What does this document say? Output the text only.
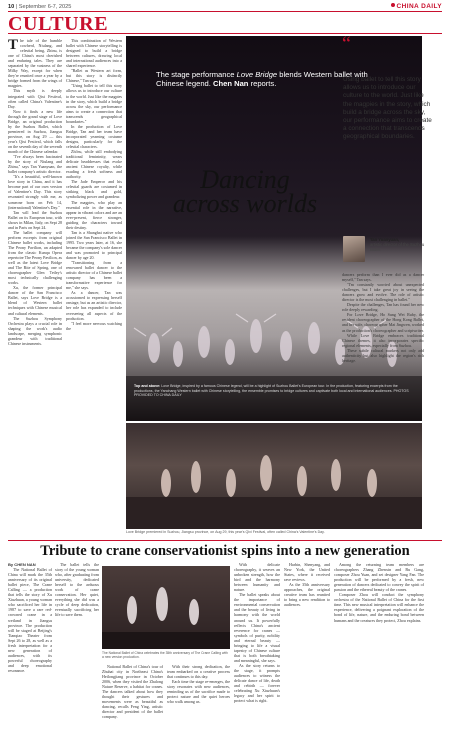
10 | September 6-7, 2025	CHINA DAILY
CULTURE
T he tale of the humble cowherd, Niulang, and celestial being, Zhinu, is one of China's most cherished and enduring tales. They are separated by the vastness of the Milky Way, except for when they're reunited once a year by a bridge formed from the wings of magpies.

This myth is deeply integrated with Qixi Festival, often called China's Valentine's Day.

Now it finds a new life through the grand stage of Love Bridge, an original production by the Suzhou Ballet, which premiered in Suzhou, Jiangsu province, on Aug 29 — this year's Qixi Festival, which falls on the seventh day of the seventh month of the Chinese calendar.

"I've always been fascinated by the story of Niulang and Zhinu," says Tan Yuanyuan, the ballet company's artistic director.

"It's a beautiful, well-known love story in China, and it has become part of our own version of Valentine's Day. This story resonated strongly with me, as someone born on Feb 14, (international) Valentine's Day."

Tan will lead the Suzhou Ballet on its European tour, with shows in Milan, Italy, on Sept 28 and in Paris on Sept 24.

The ballet company will perform excerpts from original Chinese ballet works, including The Peony Pavilion, an adapted from the classic Kunqu Opera repertoire The Peony Pavilion, as well as the latest Love Bridge and The Rite of Spring, one of choreographer Glen Tetley's most technically challenging works.

Xu, the former principal dancer of the San Francisco Ballet, says Love Bridge is a blend of Western ballet techniques with Chinese musical and cultural elements.

The Suzhou Symphony Orchestra plays a crucial role in shaping the work's audio landscape, merging symphonic grandeur with traditional Chinese instruments.

This combination of Western ballet with Chinese storytelling is designed to build a bridge between cultures, drawing local and international audiences into a shared experience.

"Ballet as Western art form, but this story is distinctly Chinese," Tan says.

"Using ballet to tell this story allows us to introduce our culture to the world. Just like the magpies in the story, which build a bridge across the sky, our performance aims to create a connection that transcends geographical boundaries."

In the production of Love Bridge, Tan and her team have incorporated yearning costume designs, particularly for the celestial characters.

Zhi'nu, while still embodying traditional femininity, wears delicate headdresses that evoke ancient Chinese royalty, while exuding a fresh softness and authority.

The Jade Emperor and his celestial guards are costumed in striking black and gold, symbolizing power and grandeur.

The magpies, who play an essential role in the narrative, appear in vibrant colors and are an ever-present, fierce stronger, guiding the characters toward their destiny.

Tan is a Shanghai native who joined the San Francisco Ballet in 1995. Two years later, at 16, she became the company's sole dancer and was promoted to principal dancer by age 20.

"Transitioning from a renowned ballet dancer to the artistic director of a Chinese ballet company has been a transformative experience for me," she says.

As a dancer, Tan was accustomed to expressing herself onstage, but as an artistic director, her role has expanded to include overseeing all aspects of the production.

"I feel more nervous watching the

The stage performance Love Bridge blends Western ballet with Chinese legend. Chen Nan reports.
Dancing
across worlds
Top and above: Love Bridge, inspired by a famous Chinese legend, will be a highlight of Suzhou Ballet's European tour. In the production, featuring excerpts from the productions, the Yanchang Western ballet with Chinese storytelling, the ensemble promises to bridge cultures and captivate both local and international audiences. PHOTOS PROVIDED TO CHINA DAILY
“
Using ballet to tell this story allows us to introduce our culture to the world. Just like the magpies in the story, which build a bridge across the sky, our performance aims to create a connection that transcends geographical boundaries.
Tan Yuanyuan,
artistic director of the Suzhou Ballet

dancers perform than I ever did as a dancer myself," Tan says.

"I'm constantly worried about unexpected challenges, but I take great joy in seeing the dancers grow and evolve. The role of artistic director is the most challenging in ballet."

Despite the challenges, Tan has found her new role deeply rewarding.

For Love Bridge, Ho Sung Wei Ruby, the resident choreographer of the Hong Kong Ballet, and her wife, choreographer Mai Jingwen, worked as the production's choreographer and scriptwriter.

While Love Bridge embraces traditional Chinese themes, it also incorporates specific regional elements, especially from Suzhou.

These subtle cultural markers not only add authenticity but also highlight the region's rich heritage.

Love Bridge premiered in Suzhou, Jiangsu province, on Aug 29, this year's Qixi Festival, often called China's Valentine's Day.
Tribute to crane conservationist spins into a new generation

By CHEN NAN

The National Ballet of China will mark the 35th anniversary of its original ballet piece, The Crane Calling — a production that tells the story of Xu Xiuzhuan, a young woman who sacrificed her life in 1987 to save a rare red-crowned crane in a wetland in Jiangsu province. The production will be staged at Beijing's Tianqiao Theater from Sept 26 to 28, as well as a fresh interpretation for a new generation of audiences, with its powerful choreography and deep emotional resonance.

The ballet tells the story of the young woman who, after graduating from university, dedicated herself to the arduous work of crane conservation. Her quiet, everything she did was a cycle of deep dedication, eventually sacrificing her life to save them.

The National Ballet of China celebrates the 35th anniversary of The Crane Calling with a new version production.

National Ballet of China's tour of Zhuhai city in Northeast China's Heilongjiang province in October 2006, when they visited the Zhalong Nature Reserve, a habitat for cranes. The dancers talked about how they thought their gestures and movements were as beautiful as dancing, recalls Feng Ying, artistic director and president of the ballet company.

With their strong dedication, the team embarked on a creative process that continues to this day.

Each time the stage re-emerges, the story resonates with new audiences, reminding us of the sacrifice made to protect nature and the quiet heroes who walk among us.

With delicate choreography, it weaves an unbroken strength, how the bird and the harmony between humanity and nature.

The ballet speaks about the importance of environmental conservation and the beauty of living in harmony with the world around us. It powerfully reflects China's ancient reverence for cranes — symbols of purity, nobility and eternal beauty — bringing to life a visual tapestry of Chinese culture that is both breathtaking and meaningful, she says.

As the story returns to the stage, it prompts audiences to witness the delicate dance of life, death and rebirth — forever celebrating Xu Xiuzhuan's legacy and her spirit to protect what is right.

Harbin, Shenyang, and New York, the United States, where it received rave reviews.

As the 35th anniversary approaches, the original creative team has reunited to bring a new rendition to audiences.

Among the returning team members are choreographers Zhang Zhenxin and Bu Gang, composer Zhou Yuan, and set designer Yang Fan. The production will be performed by a fresh, new generation of dancers dedicated to convey the spirit of passion and the ethereal beauty of the cranes.

Composer Zhou will conduct the symphony orchestra of the National Ballet of China for the first time. This new musical interpretation will enhance the experience, delivering a poignant exploration of the bond of life, nature, and the enduring bond between humans and the creatures they protect, Zhou explains.
